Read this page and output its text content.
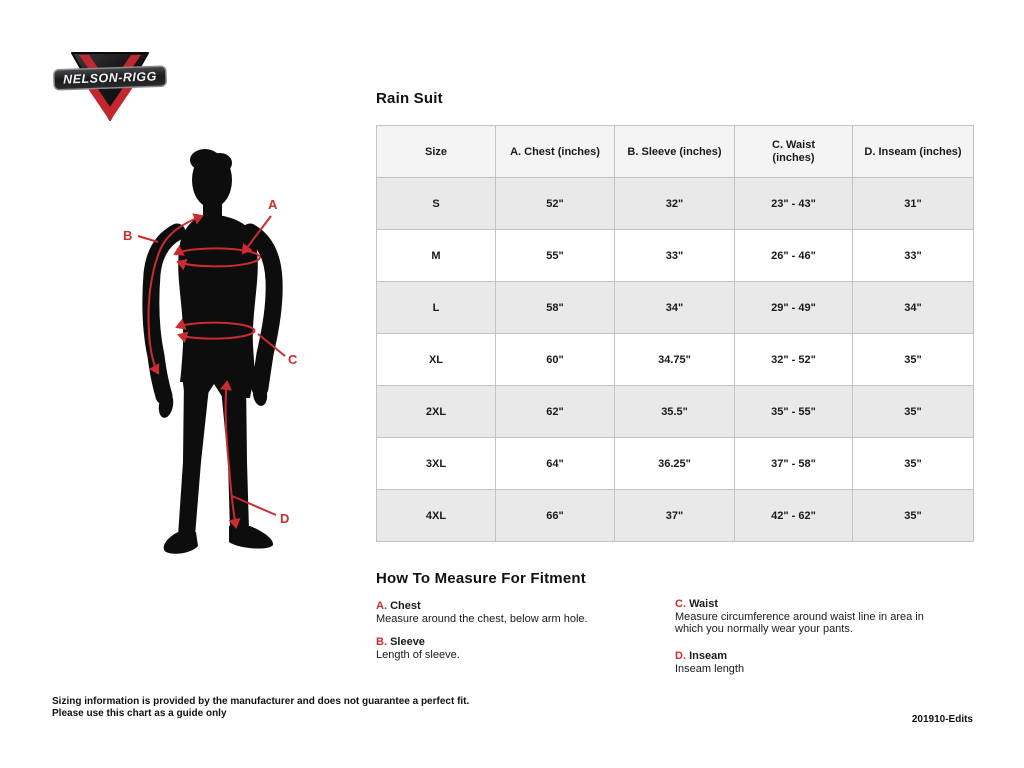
NELSON-RIGG
A
B
C
D
Rain Suit
Size	A. Chest (inches)	B. Sleeve (inches)	C. Waist (inches)	D. Inseam (inches)
S	52"	32"	23" - 43"	31"
M	55"	33"	26" - 46"	33"
L	58"	34"	29" - 49"	34"
XL	60"	34.75"	32" - 52"	35"
2XL	62"	35.5"	35" - 55"	35"
3XL	64"	36.25"	37" - 58"	35"
4XL	66"	37"	42" - 62"	35"
How To Measure For Fitment
A. Chest
Measure around the chest, below arm hole.
B. Sleeve
Length of sleeve.
C. Waist
Measure circumference around waist line in area in which you normally wear your pants.
D. Inseam
Inseam length
Sizing information is provided by the manufacturer and does not guarantee a perfect fit.
Please use this chart as a guide only
201910-Edits
